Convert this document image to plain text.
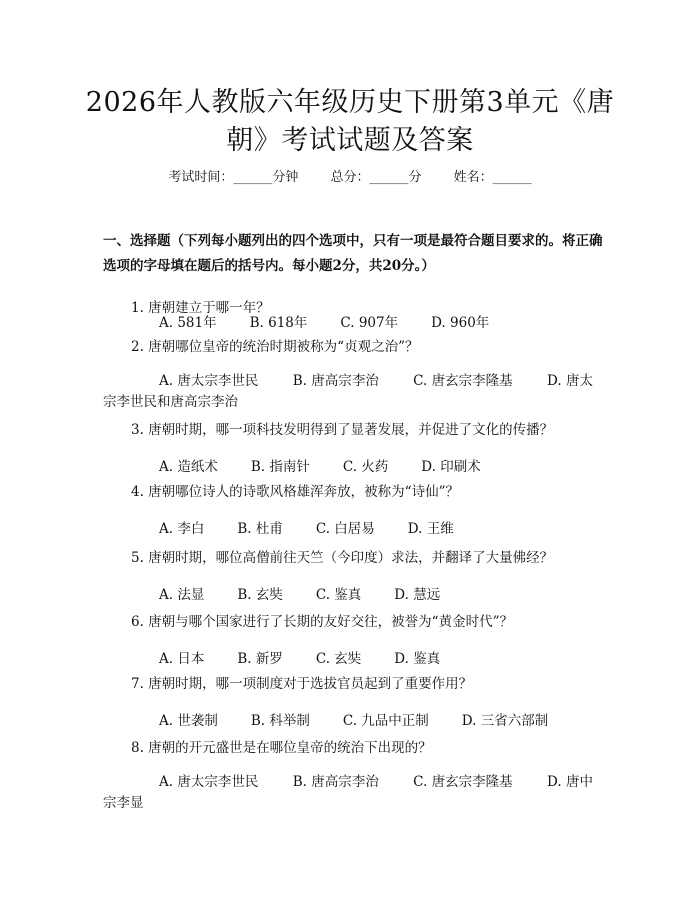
2026年人教版六年级历史下册第3单元《唐
朝》考试试题及答案
考试时间：______分钟 总分：______分 姓名：______

一、选择题（下列每小题列出的四个选项中，只有一项是最符合题目要求的。将正确选项的字母填在题后的括号内。每小题2分，共20分。）

1. 唐朝建立于哪一年？
A. 581年 B. 618年 C. 907年 D. 960年
2. 唐朝哪位皇帝的统治时期被称为“贞观之治”？
A. 唐太宗李世民	B. 唐高宗李治	C. 唐玄宗李隆基	D. 唐太宗李世民和唐高宗李治
3. 唐朝时期，哪一项科技发明得到了显著发展，并促进了文化的传播？
A. 造纸术 B. 指南针 C. 火药 D. 印刷术
4. 唐朝哪位诗人的诗歌风格雄浑奔放，被称为“诗仙”？
A. 李白 B. 杜甫 C. 白居易 D. 王维
5. 唐朝时期，哪位高僧前往天竺（今印度）求法，并翻译了大量佛经？
A. 法显 B. 玄奘 C. 鉴真 D. 慧远
6. 唐朝与哪个国家进行了长期的友好交往，被誉为“黄金时代”？
A. 日本 B. 新罗 C. 玄奘 D. 鉴真
7. 唐朝时期，哪一项制度对于选拔官员起到了重要作用？
A. 世袭制 B. 科举制 C. 九品中正制 D. 三省六部制
8. 唐朝的开元盛世是在哪位皇帝的统治下出现的？
A. 唐太宗李世民	B. 唐高宗李治	C. 唐玄宗李隆基	D. 唐中宗李显
